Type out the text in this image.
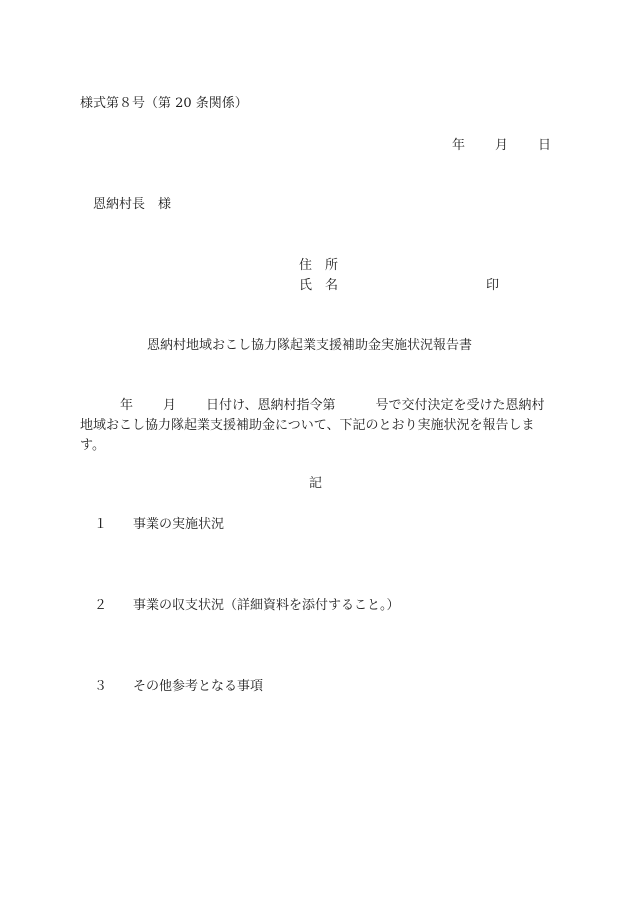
様式第８号（第 20 条関係）
年 月 日
恩納村長　様
住 所
氏 名	印
恩納村地域おこし協力隊起業支援補助金実施状況報告書
年 月 日付け、恩納村指令第	号で交付決定を受けた恩納村
地域おこし協力隊起業支援補助金について、下記のとおり実施状況を報告しま
す。
記
１ 事業の実施状況
２ 事業の収支状況（詳細資料を添付すること。）
３ その他参考となる事項
